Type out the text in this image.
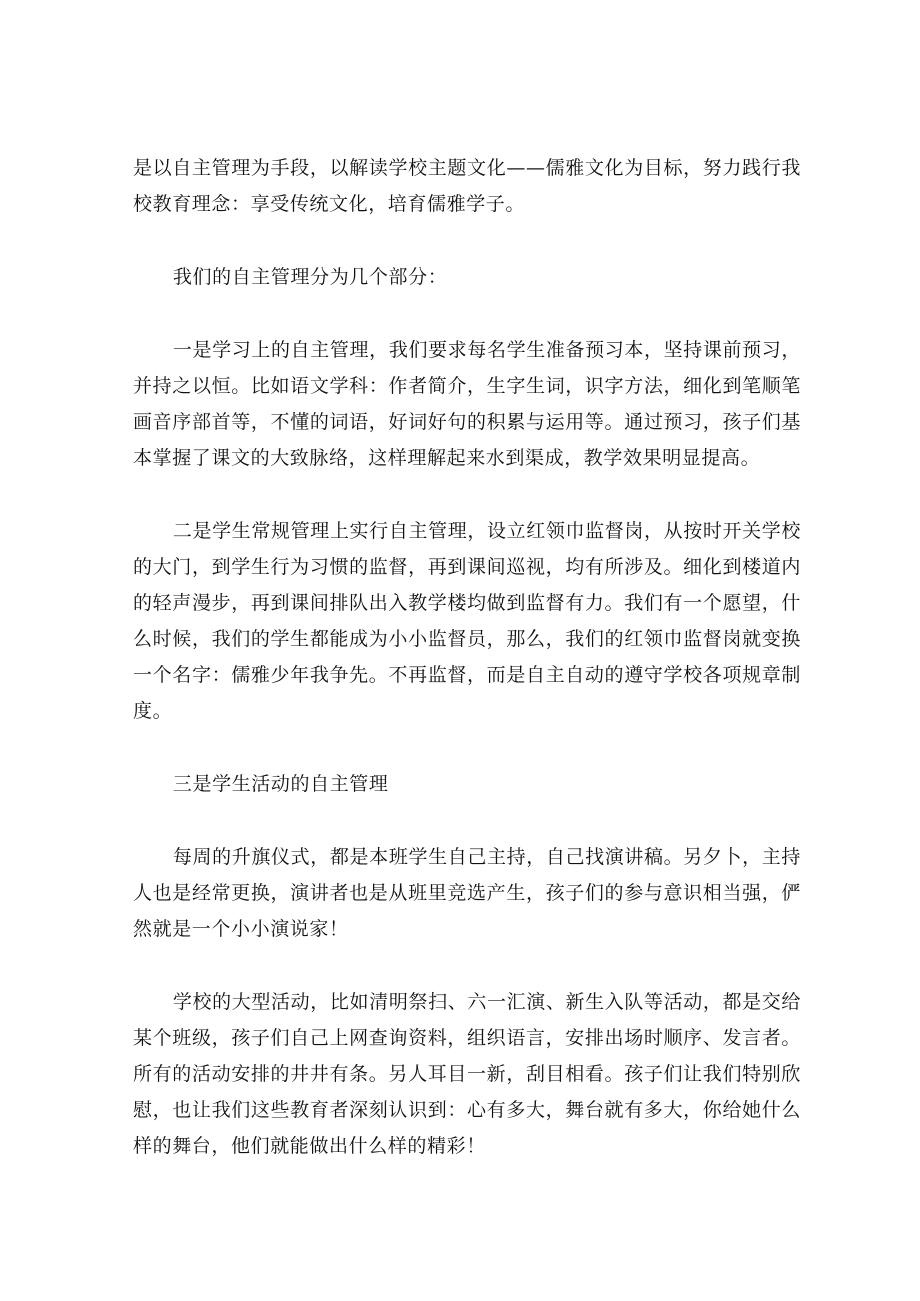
是以自主管理为手段，以解读学校主题文化——儒雅文化为目标，努力践行我校教育理念：享受传统文化，培育儒雅学子。

我们的自主管理分为几个部分：

一是学习上的自主管理，我们要求每名学生准备预习本，坚持课前预习，并持之以恒。比如语文学科：作者简介，生字生词，识字方法，细化到笔顺笔画音序部首等，不懂的词语，好词好句的积累与运用等。通过预习，孩子们基本掌握了课文的大致脉络，这样理解起来水到渠成，教学效果明显提高。

二是学生常规管理上实行自主管理，设立红领巾监督岗，从按时开关学校的大门，到学生行为习惯的监督，再到课间巡视，均有所涉及。细化到楼道内的轻声漫步，再到课间排队出入教学楼均做到监督有力。我们有一个愿望，什么时候，我们的学生都能成为小小监督员，那么，我们的红领巾监督岗就变换一个名字：儒雅少年我争先。不再监督，而是自主自动的遵守学校各项规章制度。

三是学生活动的自主管理

每周的升旗仪式，都是本班学生自己主持，自己找演讲稿。另夕卜，主持人也是经常更换，演讲者也是从班里竞选产生，孩子们的参与意识相当强，俨然就是一个小小演说家！

学校的大型活动，比如清明祭扫、六一汇演、新生入队等活动，都是交给某个班级，孩子们自己上网查询资料，组织语言，安排出场时顺序、发言者。所有的活动安排的井井有条。另人耳目一新，刮目相看。孩子们让我们特别欣慰，也让我们这些教育者深刻认识到：心有多大，舞台就有多大，你给她什么样的舞台，他们就能做出什么样的精彩！
